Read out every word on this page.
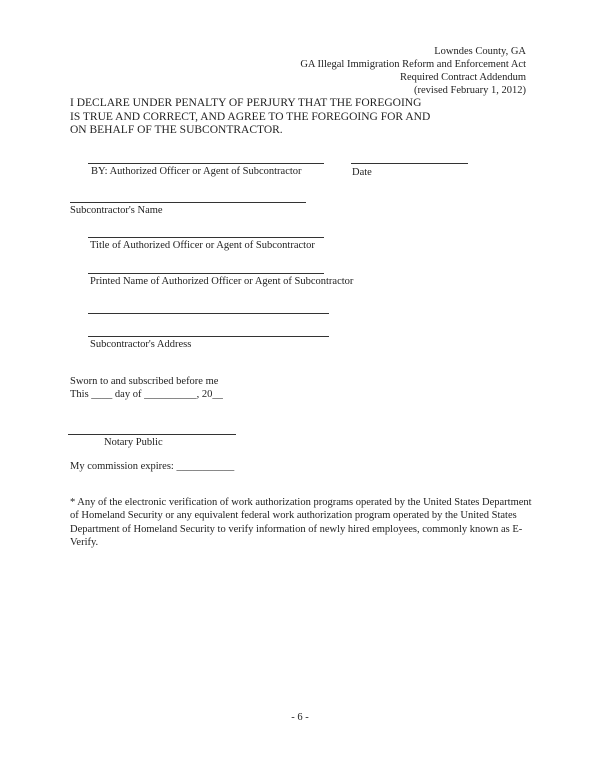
Lowndes County, GA
GA Illegal Immigration Reform and Enforcement Act
Required Contract Addendum
(revised February 1, 2012)
I DECLARE UNDER PENALTY OF PERJURY THAT THE FOREGOING
IS TRUE AND CORRECT, AND AGREE TO THE FOREGOING FOR AND
ON BEHALF OF THE SUBCONTRACTOR.
BY: Authorized Officer or Agent of Subcontractor	Date
Subcontractor's Name
Title of Authorized Officer or Agent of Subcontractor
Printed Name of Authorized Officer or Agent of Subcontractor
Subcontractor's Address
Sworn to and subscribed before me
This ____ day of __________, 20__
Notary Public
My commission expires: ___________
* Any of the electronic verification of work authorization programs operated by the United States Department of Homeland Security or any equivalent federal work authorization program operated by the United States Department of Homeland Security to verify information of newly hired employees, commonly known as E-Verify.
- 6 -
